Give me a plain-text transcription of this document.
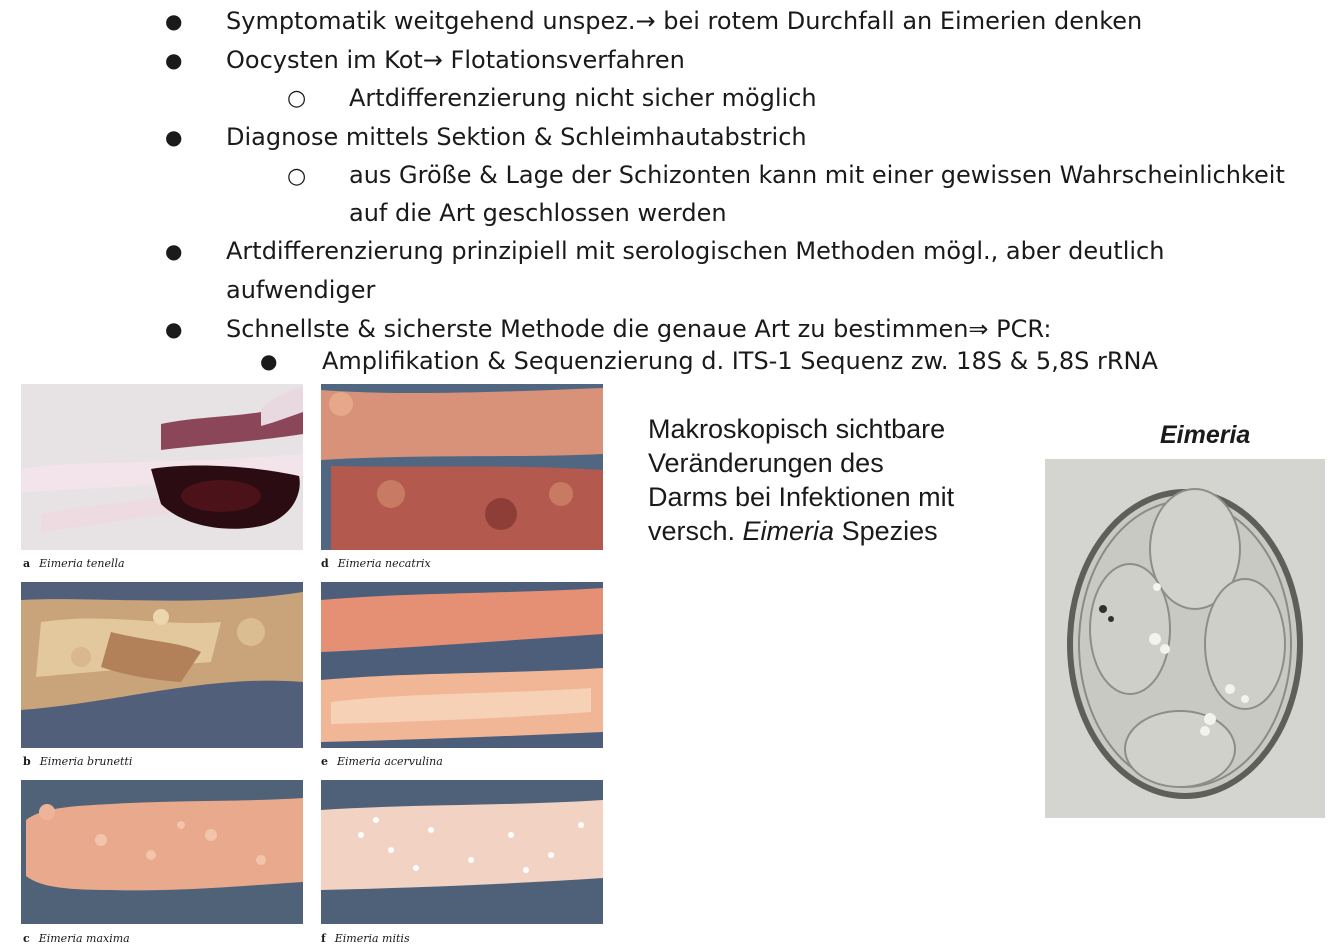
● Symptomatik weitgehend unspez.→ bei rotem Durchfall an Eimerien denken
● Oocysten im Kot→ Flotationsverfahren
○ Artdifferenzierung nicht sicher möglich
● Diagnose mittels Sektion & Schleimhautabstrich
○ aus Größe & Lage der Schizonten kann mit einer gewissen Wahrscheinlichkeit
auf die Art geschlossen werden
● Artdifferenzierung prinzipiell mit serologischen Methoden mögl., aber deutlich
aufwendiger
● Schnellste & sicherste Methode die genaue Art zu bestimmen⇒ PCR:
● Amplifikation & Sequenzierung d. ITS-1 Sequenz zw. 18S & 5,8S rRNA
a Eimeria tenella
b Eimeria brunetti
c Eimeria maxima
d Eimeria necatrix
e Eimeria acervulina
f Eimeria mitis
Makroskopisch sichtbare
Veränderungen des
Darms bei Infektionen mit
versch. Eimeria Spezies
Eimeria
